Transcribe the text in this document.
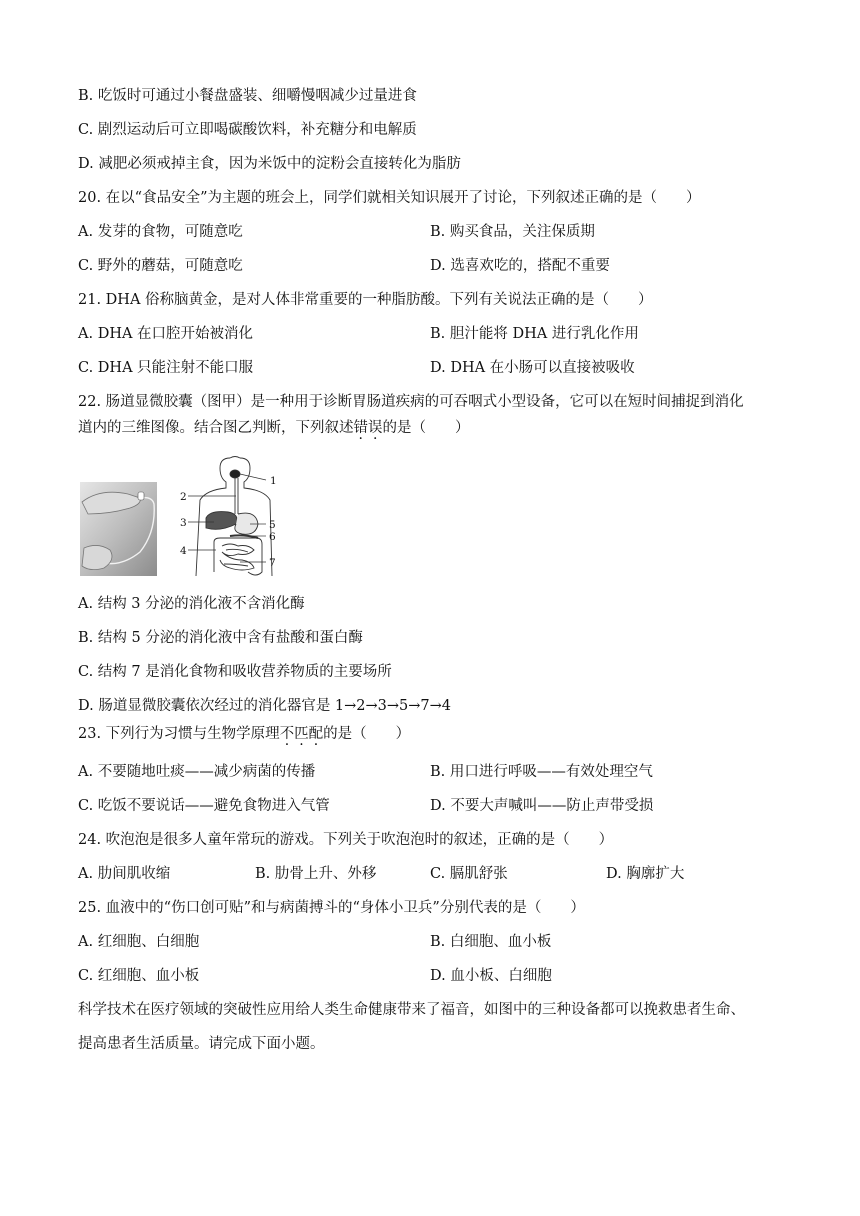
B. 吃饭时可通过小餐盘盛装、细嚼慢咽减少过量进食
C. 剧烈运动后可立即喝碳酸饮料，补充糖分和电解质
D. 减肥必须戒掉主食，因为米饭中的淀粉会直接转化为脂肪
20. 在以“食品安全”为主题的班会上，同学们就相关知识展开了讨论，下列叙述正确的是（　　）
A. 发芽的食物，可随意吃	B. 购买食品，关注保质期
C. 野外的蘑菇，可随意吃	D. 选喜欢吃的，搭配不重要
21. DHA 俗称脑黄金，是对人体非常重要的一种脂肪酸。下列有关说法正确的是（　　）
A. DHA 在口腔开始被消化	B. 胆汁能将 DHA 进行乳化作用
C. DHA 只能注射不能口服	D. DHA 在小肠可以直接被吸收
22. 肠道显微胶囊（图甲）是一种用于诊断胃肠道疾病的可吞咽式小型设备，它可以在短时间捕捉到消化
道内的三维图像。结合图乙判断，下列叙述错误的是（　　）
1
2
3
4
5
6
7
A. 结构 3 分泌的消化液不含消化酶
B. 结构 5 分泌的消化液中含有盐酸和蛋白酶
C. 结构 7 是消化食物和吸收营养物质的主要场所
D. 肠道显微胶囊依次经过的消化器官是 1→2→3→5→7→4
23. 下列行为习惯与生物学原理不匹配的是（　　）
A. 不要随地吐痰——减少病菌的传播	B. 用口进行呼吸——有效处理空气
C. 吃饭不要说话——避免食物进入气管	D. 不要大声喊叫——防止声带受损
24. 吹泡泡是很多人童年常玩的游戏。下列关于吹泡泡时的叙述，正确的是（　　）
A. 肋间肌收缩	B. 肋骨上升、外移	C. 膈肌舒张	D. 胸廓扩大
25. 血液中的“伤口创可贴”和与病菌搏斗的“身体小卫兵”分别代表的是（　　）
A. 红细胞、白细胞	B. 白细胞、血小板
C. 红细胞、血小板	D. 血小板、白细胞
科学技术在医疗领域的突破性应用给人类生命健康带来了福音，如图中的三种设备都可以挽救患者生命、
提高患者生活质量。请完成下面小题。
